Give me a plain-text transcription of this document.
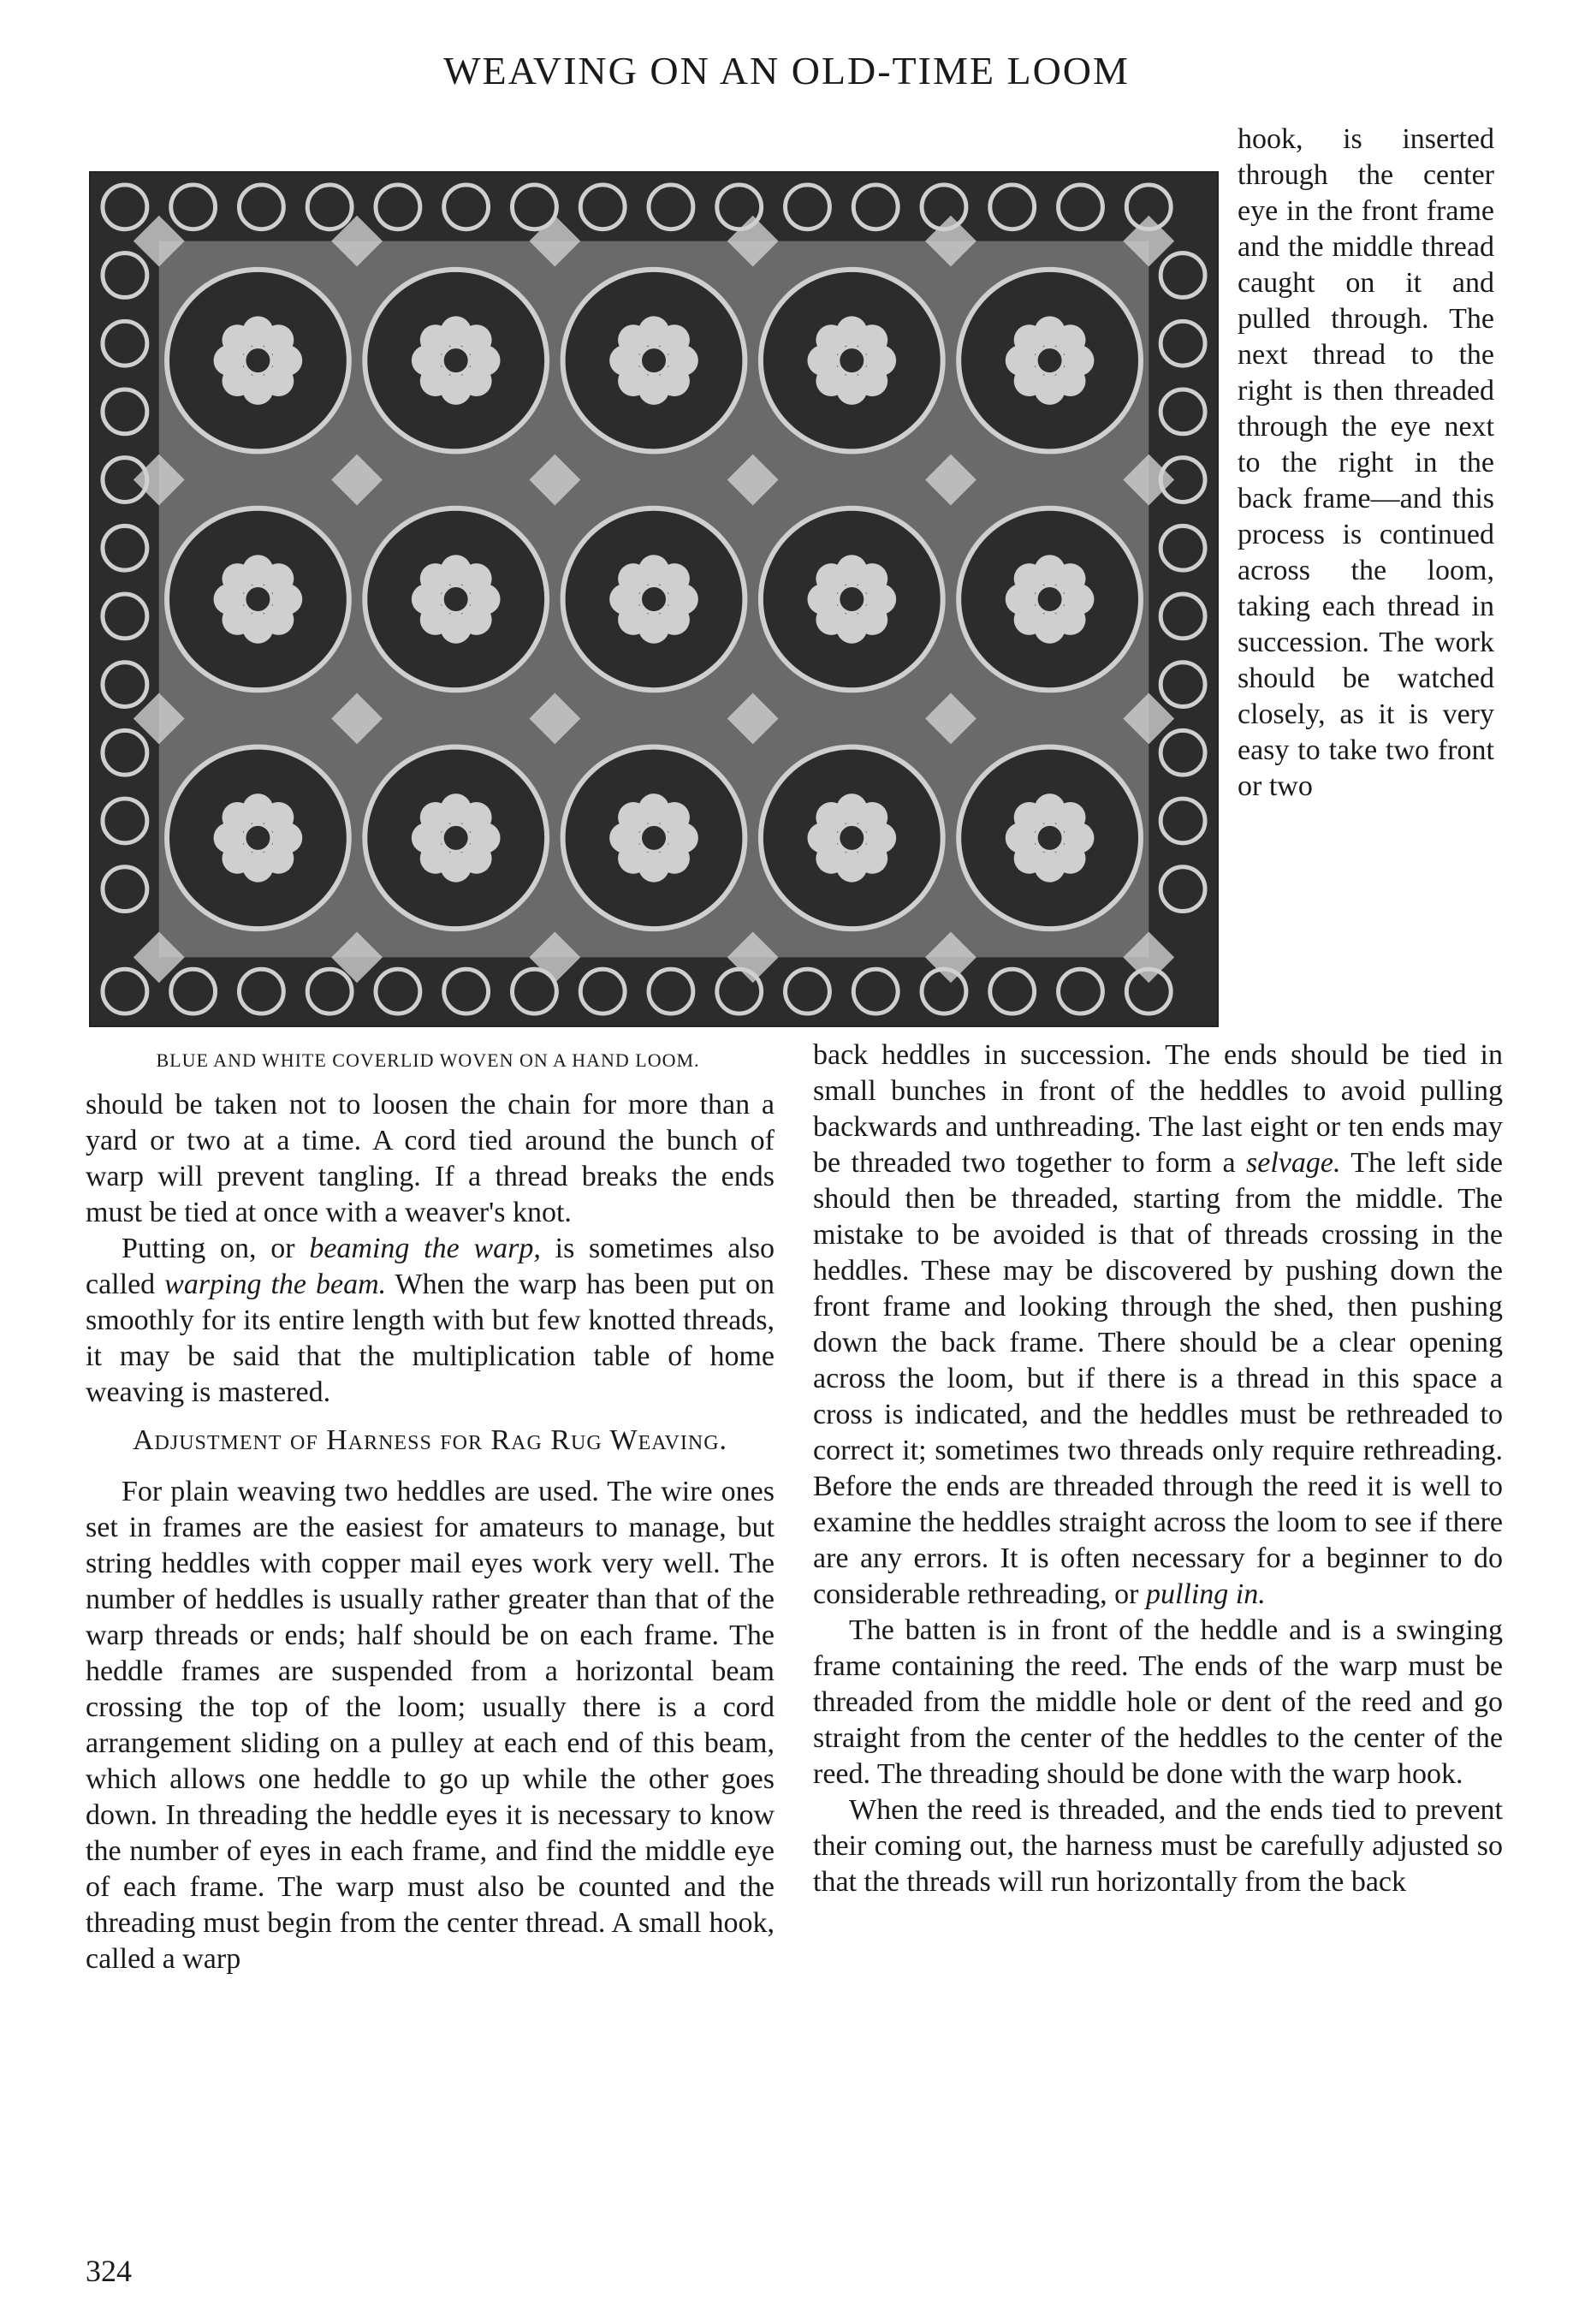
WEAVING ON AN OLD-TIME LOOM
BLUE AND WHITE COVERLID WOVEN ON A HAND LOOM.

hook, is inserted through the center eye in the front frame and the middle thread caught on it and pulled through. The next thread to the right is then threaded through the eye next to the right in the back frame—and this process is continued across the loom, taking each thread in succession. The work should be watched closely, as it is very easy to take two front or two

should be taken not to loosen the chain for more than a yard or two at a time. A cord tied around the bunch of warp will prevent tangling. If a thread breaks the ends must be tied at once with a weaver's knot.

Putting on, or beaming the warp, is sometimes also called warping the beam. When the warp has been put on smoothly for its entire length with but few knotted threads, it may be said that the multiplication table of home weaving is mastered.

Adjustment of Harness for Rag Rug Weaving.

For plain weaving two heddles are used. The wire ones set in frames are the easiest for amateurs to manage, but string heddles with copper mail eyes work very well. The number of heddles is usually rather greater than that of the warp threads or ends; half should be on each frame. The heddle frames are suspended from a horizontal beam crossing the top of the loom; usually there is a cord arrangement sliding on a pulley at each end of this beam, which allows one heddle to go up while the other goes down. In threading the heddle eyes it is necessary to know the number of eyes in each frame, and find the middle eye of each frame. The warp must also be counted and the threading must begin from the center thread. A small hook, called a warp

back heddles in succession. The ends should be tied in small bunches in front of the heddles to avoid pulling backwards and unthreading. The last eight or ten ends may be threaded two together to form a selvage. The left side should then be threaded, starting from the middle. The mistake to be avoided is that of threads crossing in the heddles. These may be discovered by pushing down the front frame and looking through the shed, then pushing down the back frame. There should be a clear opening across the loom, but if there is a thread in this space a cross is indicated, and the heddles must be rethreaded to correct it; sometimes two threads only require rethreading. Before the ends are threaded through the reed it is well to examine the heddles straight across the loom to see if there are any errors. It is often necessary for a beginner to do considerable rethreading, or pulling in.

The batten is in front of the heddle and is a swinging frame containing the reed. The ends of the warp must be threaded from the middle hole or dent of the reed and go straight from the center of the heddles to the center of the reed. The threading should be done with the warp hook.

When the reed is threaded, and the ends tied to prevent their coming out, the harness must be carefully adjusted so that the threads will run horizontally from the back

324
